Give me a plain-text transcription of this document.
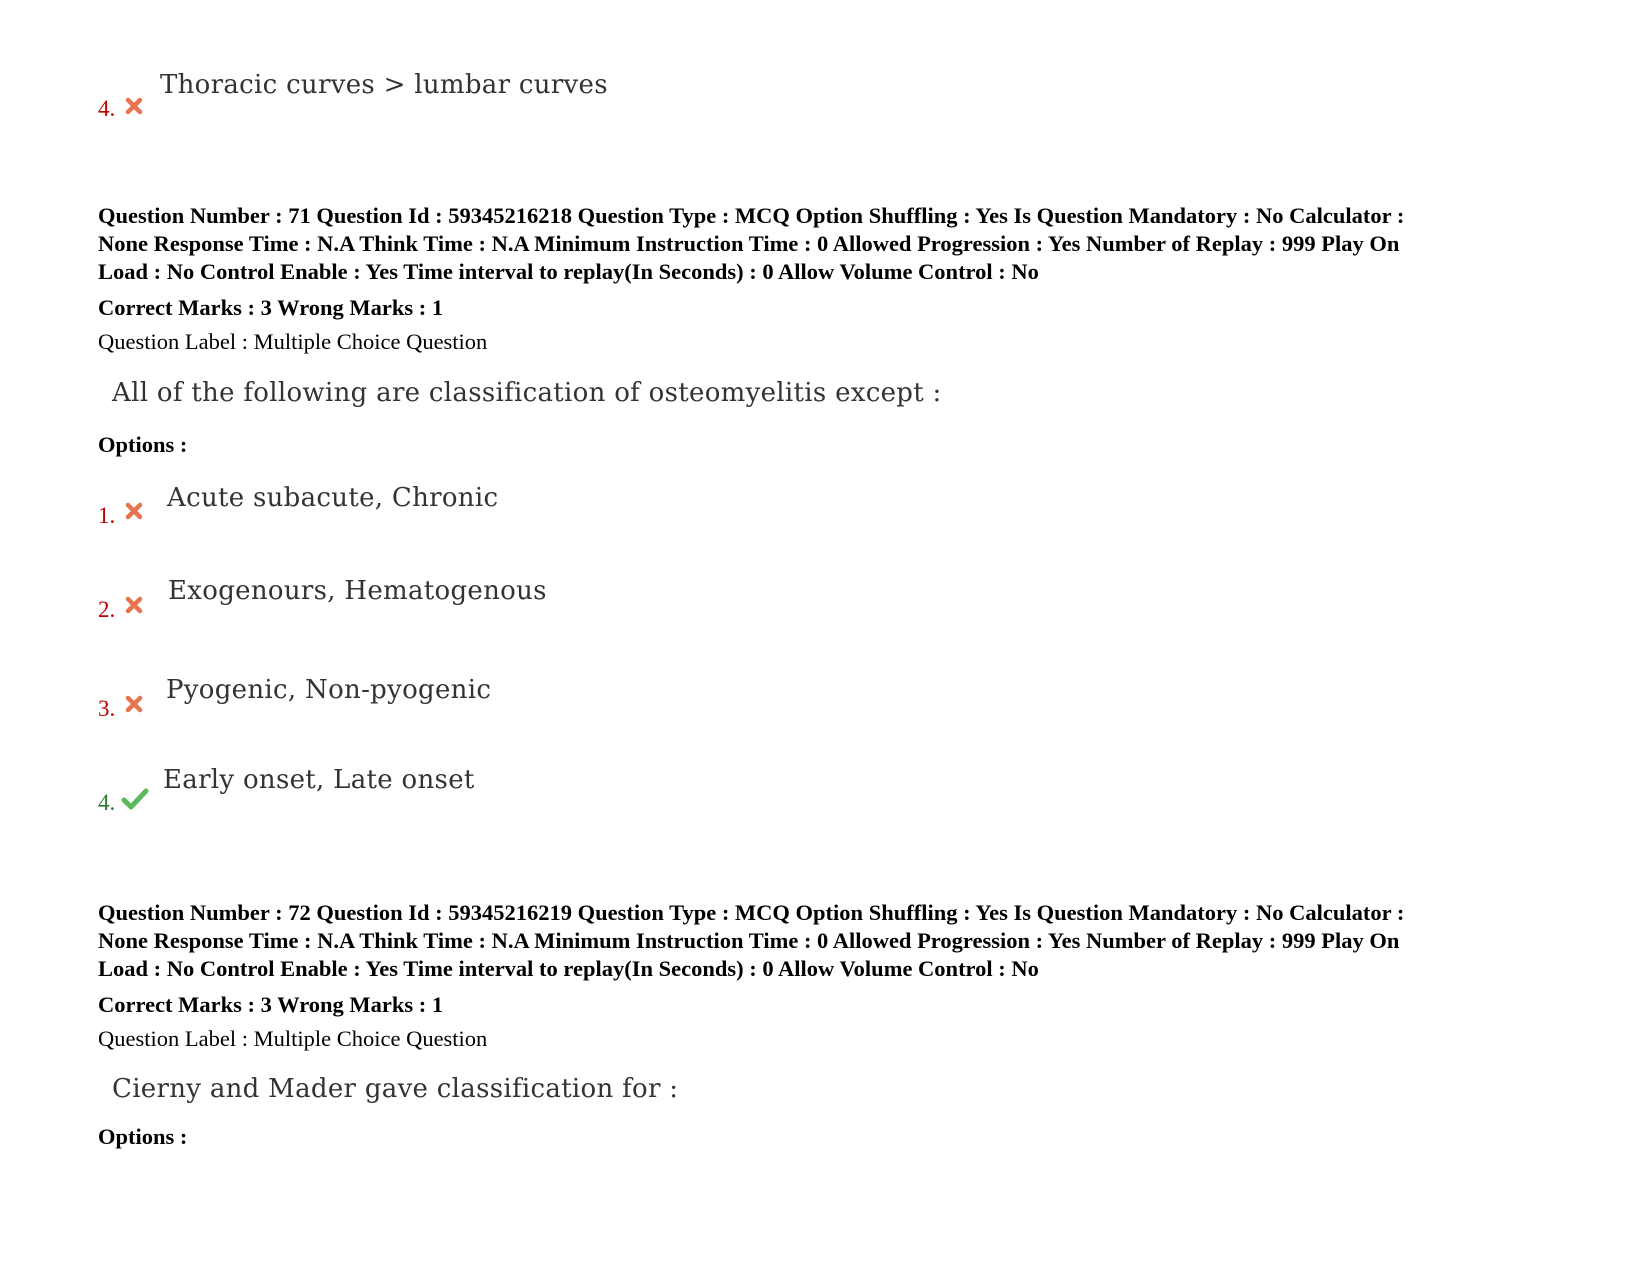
4.
Thoracic curves > lumbar curves
Question Number : 71 Question Id : 59345216218 Question Type : MCQ Option Shuffling : Yes Is Question Mandatory : No Calculator :
None Response Time : N.A Think Time : N.A Minimum Instruction Time : 0 Allowed Progression : Yes Number of Replay : 999 Play On
Load : No Control Enable : Yes Time interval to replay(In Seconds) : 0 Allow Volume Control : No
Correct Marks : 3 Wrong Marks : 1
Question Label : Multiple Choice Question
All of the following are classification of osteomyelitis except :
Options :
1.
Acute subacute, Chronic
2.
Exogenours, Hematogenous
3.
Pyogenic, Non-pyogenic
4.
Early onset, Late onset
Question Number : 72 Question Id : 59345216219 Question Type : MCQ Option Shuffling : Yes Is Question Mandatory : No Calculator :
None Response Time : N.A Think Time : N.A Minimum Instruction Time : 0 Allowed Progression : Yes Number of Replay : 999 Play On
Load : No Control Enable : Yes Time interval to replay(In Seconds) : 0 Allow Volume Control : No
Correct Marks : 3 Wrong Marks : 1
Question Label : Multiple Choice Question
Cierny and Mader gave classification for :
Options :
